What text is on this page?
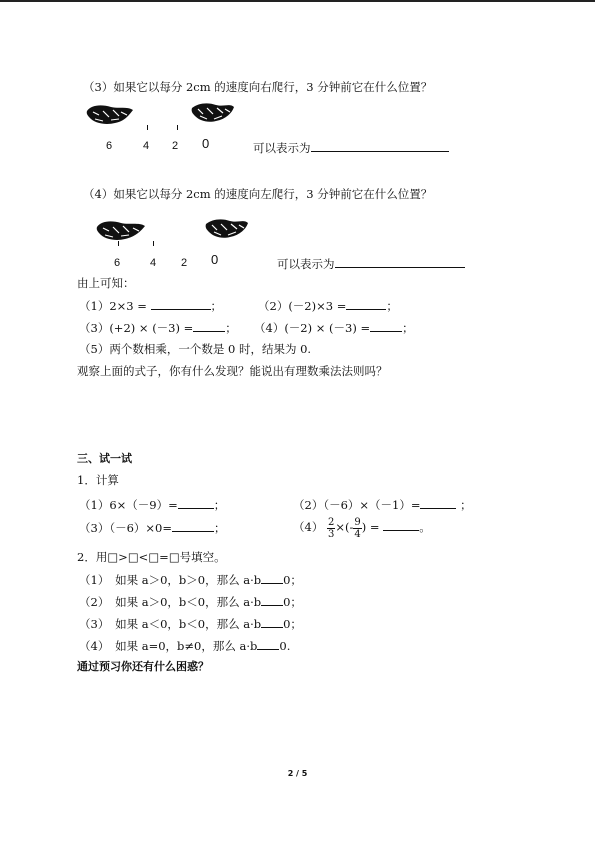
（3）如果它以每分 2cm 的速度向右爬行，3 分钟前它在什么位置？
6	4 2 0	可以表示为
（4）如果它以每分 2cm 的速度向左爬行，3 分钟前它在什么位置？
6	4 2 0	可以表示为
由上可知：
（1）2×3 =	；	（2）(－2)×3 =	；
（3）(+2) × (－3) =	； （4）(－2) × (－3) =	；
（5）两个数相乘，一个数是 0 时，结果为 0.
观察上面的式子，你有什么发现？能说出有理数乘法法则吗？
三、试一试
1．计算
（1）6×（－9）=	；	（2）（－6）×（－1）=	；
（3）（－6）×0=	；	$(4) \frac{2}{3}$ ×(- $\frac{9}{4}$ ) =	。
2．用□>□<□=□号填空。
（1）　如果 a＞0，b＞0，那么 a·b 0；
（2）　如果 a＞0，b＜0，那么 a·b 0；
（3）　如果 a＜0，b＜0，那么 a·b 0；
（4）　如果 a=0，b≠0，那么 a·b 0.
通过预习你还有什么困惑？
2 / 5
